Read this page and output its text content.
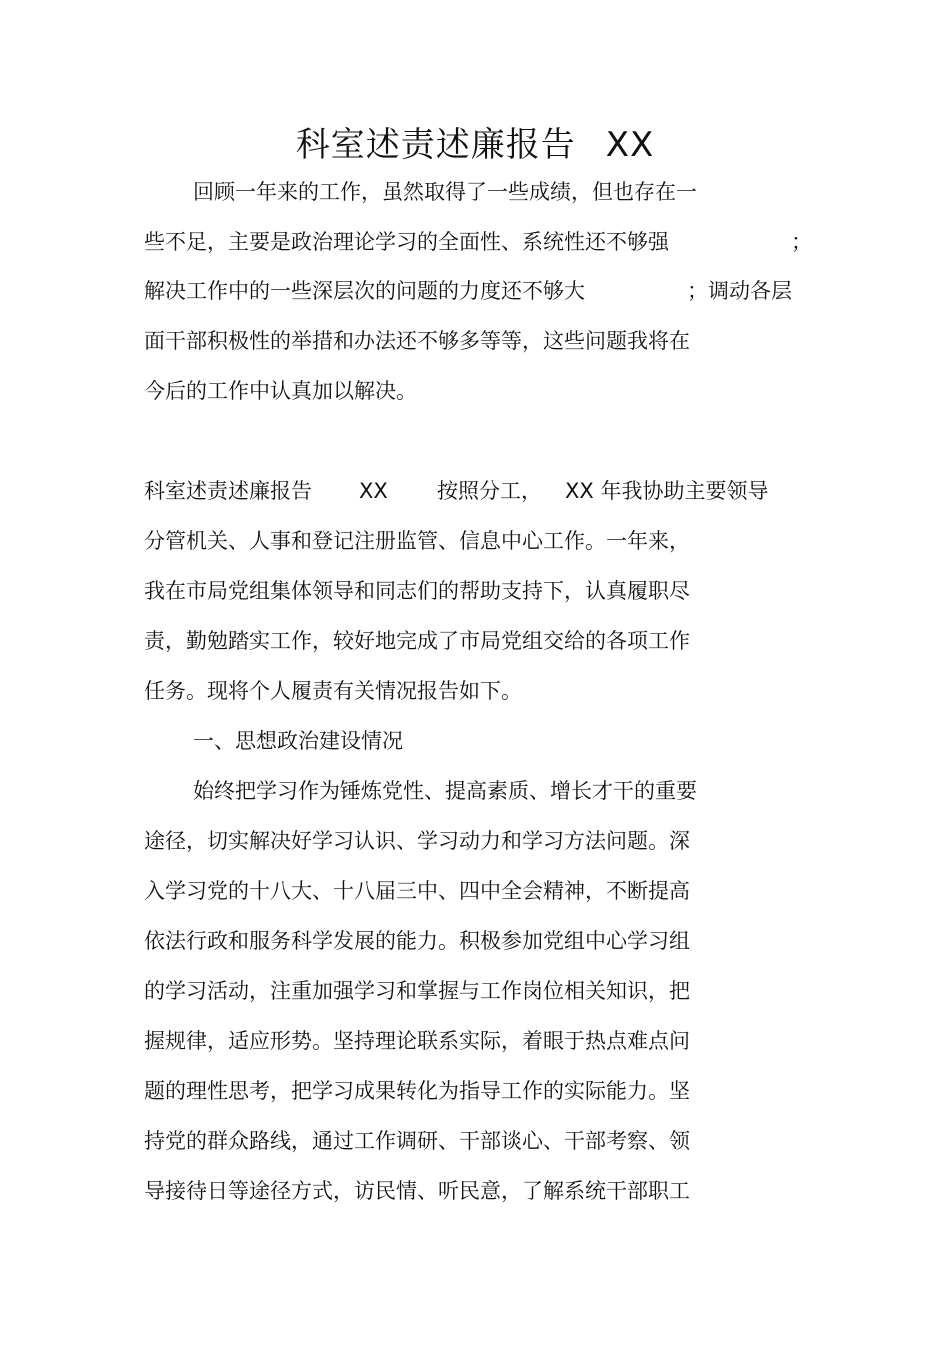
科室述责述廉报告 XX
回顾一年来的工作，虽然取得了一些成绩，但也存在一
些不足，主要是政治理论学习的全面性、系统性还不够强	；
解决工作中的一些深层次的问题的力度还不够大	；调动各层
面干部积极性的举措和办法还不够多等等，这些问题我将在
今后的工作中认真加以解决。
科室述责述廉报告 XX 按照分工， XX 年我协助主要领导
分管机关、人事和登记注册监管、信息中心工作。一年来，
我在市局党组集体领导和同志们的帮助支持下，认真履职尽
责，勤勉踏实工作，较好地完成了市局党组交给的各项工作
任务。现将个人履责有关情况报告如下。
一、思想政治建设情况
始终把学习作为锤炼党性、提高素质、增长才干的重要
途径，切实解决好学习认识、学习动力和学习方法问题。深
入学习党的十八大、十八届三中、四中全会精神，不断提高
依法行政和服务科学发展的能力。积极参加党组中心学习组
的学习活动，注重加强学习和掌握与工作岗位相关知识，把
握规律，适应形势。坚持理论联系实际，着眼于热点难点问
题的理性思考，把学习成果转化为指导工作的实际能力。坚
持党的群众路线，通过工作调研、干部谈心、干部考察、领
导接待日等途径方式，访民情、听民意，了解系统干部职工
